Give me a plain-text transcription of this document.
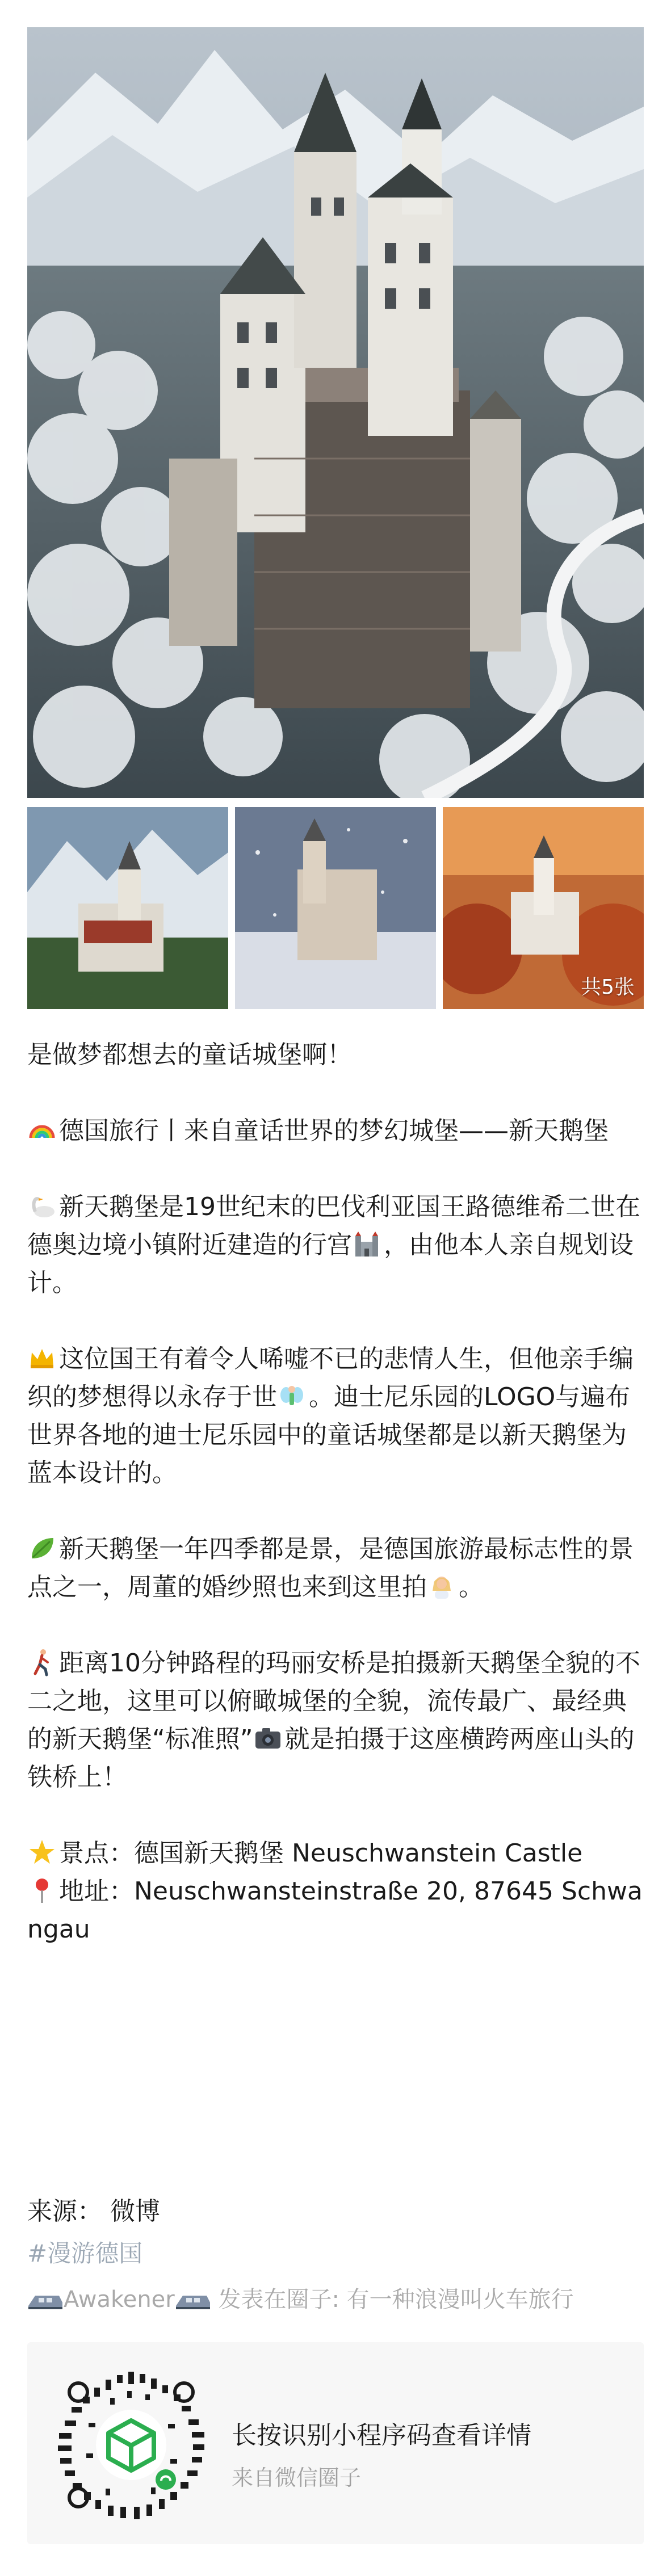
共5张

是做梦都想去的童话城堡啊！

德国旅行丨来自童话世界的梦幻城堡——新天鹅堡

新天鹅堡是19世纪末的巴伐利亚国王路德维希二世在德奥边境小镇附近建造的行宫 ，由他本人亲自规划设计。

这位国王有着令人唏嘘不已的悲情人生，但他亲手编织的梦想得以永存于世 。迪士尼乐园的LOGO与遍布世界各地的迪士尼乐园中的童话城堡都是以新天鹅堡为蓝本设计的。

新天鹅堡一年四季都是景，是德国旅游最标志性的景点之一，周董的婚纱照也来到这里拍 。

距离10分钟路程的玛丽安桥是拍摄新天鹅堡全貌的不二之地，这里可以俯瞰城堡的全貌，流传最广、最经典的新天鹅堡“标准照” 就是拍摄于这座横跨两座山头的铁桥上！

景点：德国新天鹅堡 Neuschwanstein Castle

地址：Neuschwansteinstraße 20, 87645 Schwangau

来源： 微博
#漫游德国
Awakener 发表在圈子: 有一种浪漫叫火车旅行
长按识别小程序码查看详情
来自微信圈子
